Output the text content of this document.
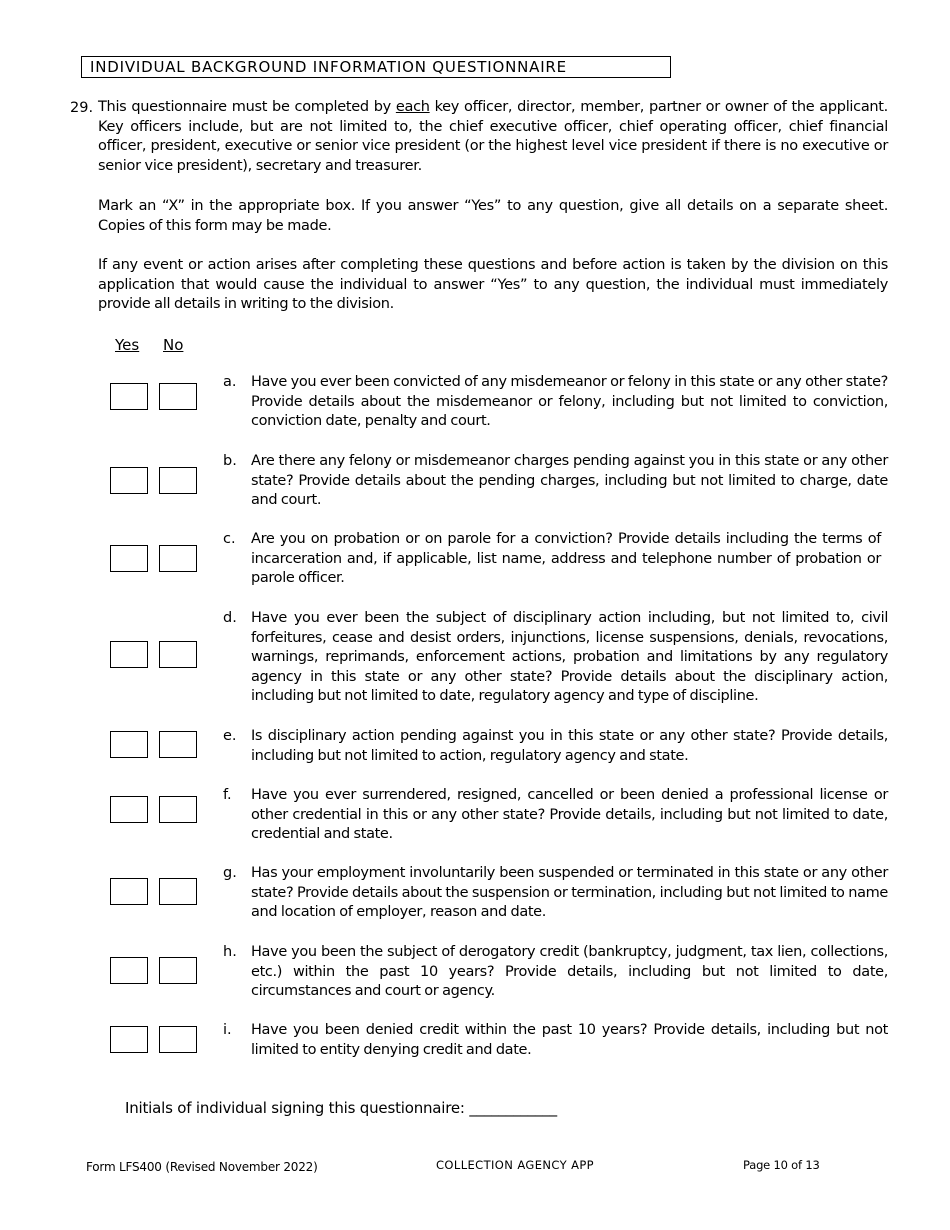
INDIVIDUAL BACKGROUND INFORMATION QUESTIONNAIRE
29. This questionnaire must be completed by each key officer, director, member, partner or owner of the applicant. Key officers include, but are not limited to, the chief executive officer, chief operating officer, chief financial officer, president, executive or senior vice president (or the highest level vice president if there is no executive or senior vice president), secretary and treasurer.
Mark an “X” in the appropriate box. If you answer “Yes” to any question, give all details on a separate sheet. Copies of this form may be made.
If any event or action arises after completing these questions and before action is taken by the division on this application that would cause the individual to answer “Yes” to any question, the individual must immediately provide all details in writing to the division.
Yes No
a. Have you ever been convicted of any misdemeanor or felony in this state or any other state? Provide details about the misdemeanor or felony, including but not limited to conviction, conviction date, penalty and court.
b. Are there any felony or misdemeanor charges pending against you in this state or any other state? Provide details about the pending charges, including but not limited to charge, date and court.
c. Are you on probation or on parole for a conviction? Provide details including the terms of incarceration and, if applicable, list name, address and telephone number of probation or parole officer.
d. Have you ever been the subject of disciplinary action including, but not limited to, civil forfeitures, cease and desist orders, injunctions, license suspensions, denials, revocations, warnings, reprimands, enforcement actions, probation and limitations by any regulatory agency in this state or any other state? Provide details about the disciplinary action, including but not limited to date, regulatory agency and type of discipline.
e. Is disciplinary action pending against you in this state or any other state? Provide details, including but not limited to action, regulatory agency and state.
f. Have you ever surrendered, resigned, cancelled or been denied a professional license or other credential in this or any other state? Provide details, including but not limited to date, credential and state.
g. Has your employment involuntarily been suspended or terminated in this state or any other state? Provide details about the suspension or termination, including but not limited to name and location of employer, reason and date.
h. Have you been the subject of derogatory credit (bankruptcy, judgment, tax lien, collections, etc.) within the past 10 years? Provide details, including but not limited to date, circumstances and court or agency.
i. Have you been denied credit within the past 10 years? Provide details, including but not limited to entity denying credit and date.
Initials of individual signing this questionnaire: ____________
Form LFS400 (Revised November 2022)	COLLECTION AGENCY APP	Page 10 of 13
